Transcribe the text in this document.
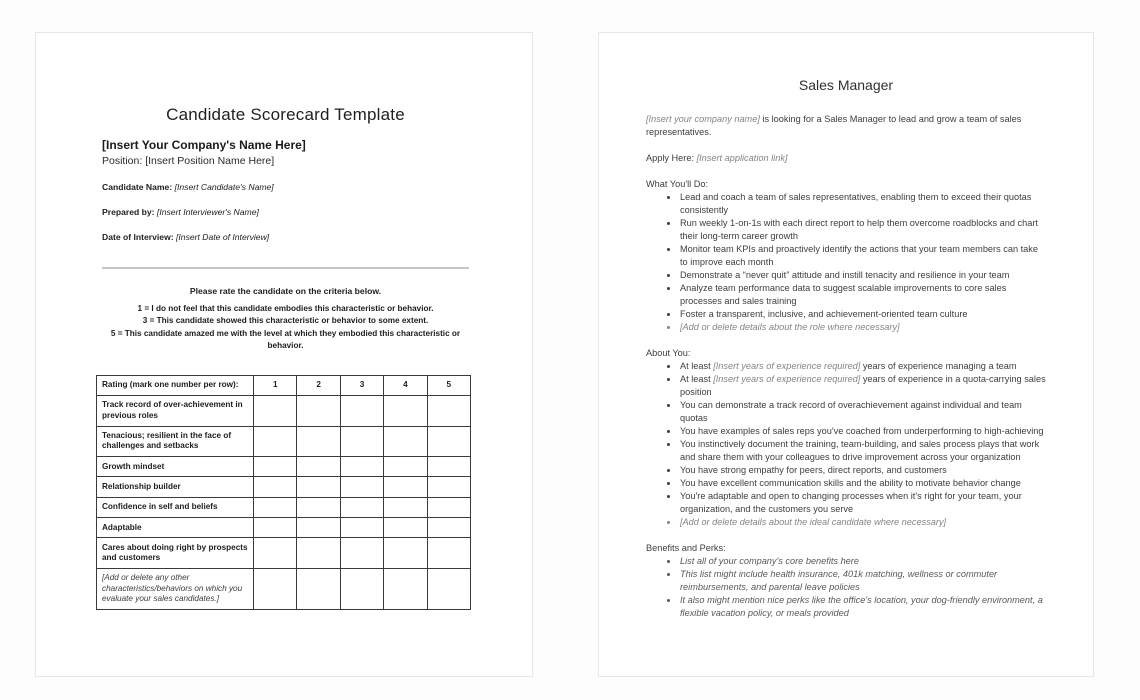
Candidate Scorecard Template
[Insert Your Company's Name Here]
Position: [Insert Position Name Here]
Candidate Name: [Insert Candidate's Name]
Prepared by: [Insert Interviewer's Name]
Date of Interview: [Insert Date of Interview]
Please rate the candidate on the criteria below.
1 = I do not feel that this candidate embodies this characteristic or behavior.
3 = This candidate showed this characteristic or behavior to some extent.
5 = This candidate amazed me with the level at which they embodied this characteristic or behavior.
Rating (mark one number per row):	1	2	3	4	5
Track record of over-achievement in previous roles					
Tenacious; resilient in the face of challenges and setbacks					
Growth mindset					
Relationship builder					
Confidence in self and beliefs					
Adaptable					
Cares about doing right by prospects and customers					
[Add or delete any other characteristics/behaviors on which you evaluate your sales candidates.]					
Sales Manager

[Insert your company name] is looking for a Sales Manager to lead and grow a team of sales representatives.

Apply Here: [Insert application link]

What You'll Do:
• Lead and coach a team of sales representatives, enabling them to exceed their quotas consistently
• Run weekly 1-on-1s with each direct report to help them overcome roadblocks and chart their long-term career growth
• Monitor team KPIs and proactively identify the actions that your team members can take to improve each month
• Demonstrate a “never quit” attitude and instill tenacity and resilience in your team
• Analyze team performance data to suggest scalable improvements to core sales processes and sales training
• Foster a transparent, inclusive, and achievement-oriented team culture
• [Add or delete details about the role where necessary]
About You:
• At least [Insert years of experience required] years of experience managing a team
• At least [Insert years of experience required] years of experience in a quota-carrying sales position
• You can demonstrate a track record of overachievement against individual and team quotas
• You have examples of sales reps you've coached from underperforming to high-achieving
• You instinctively document the training, team-building, and sales process plays that work and share them with your colleagues to drive improvement across your organization
• You have strong empathy for peers, direct reports, and customers
• You have excellent communication skills and the ability to motivate behavior change
• You're adaptable and open to changing processes when it's right for your team, your organization, and the customers you serve
• [Add or delete details about the ideal candidate where necessary]
Benefits and Perks:
• List all of your company's core benefits here
• This list might include health insurance, 401k matching, wellness or commuter reimbursements, and parental leave policies
• It also might mention nice perks like the office's location, your dog-friendly environment, a flexible vacation policy, or meals provided
